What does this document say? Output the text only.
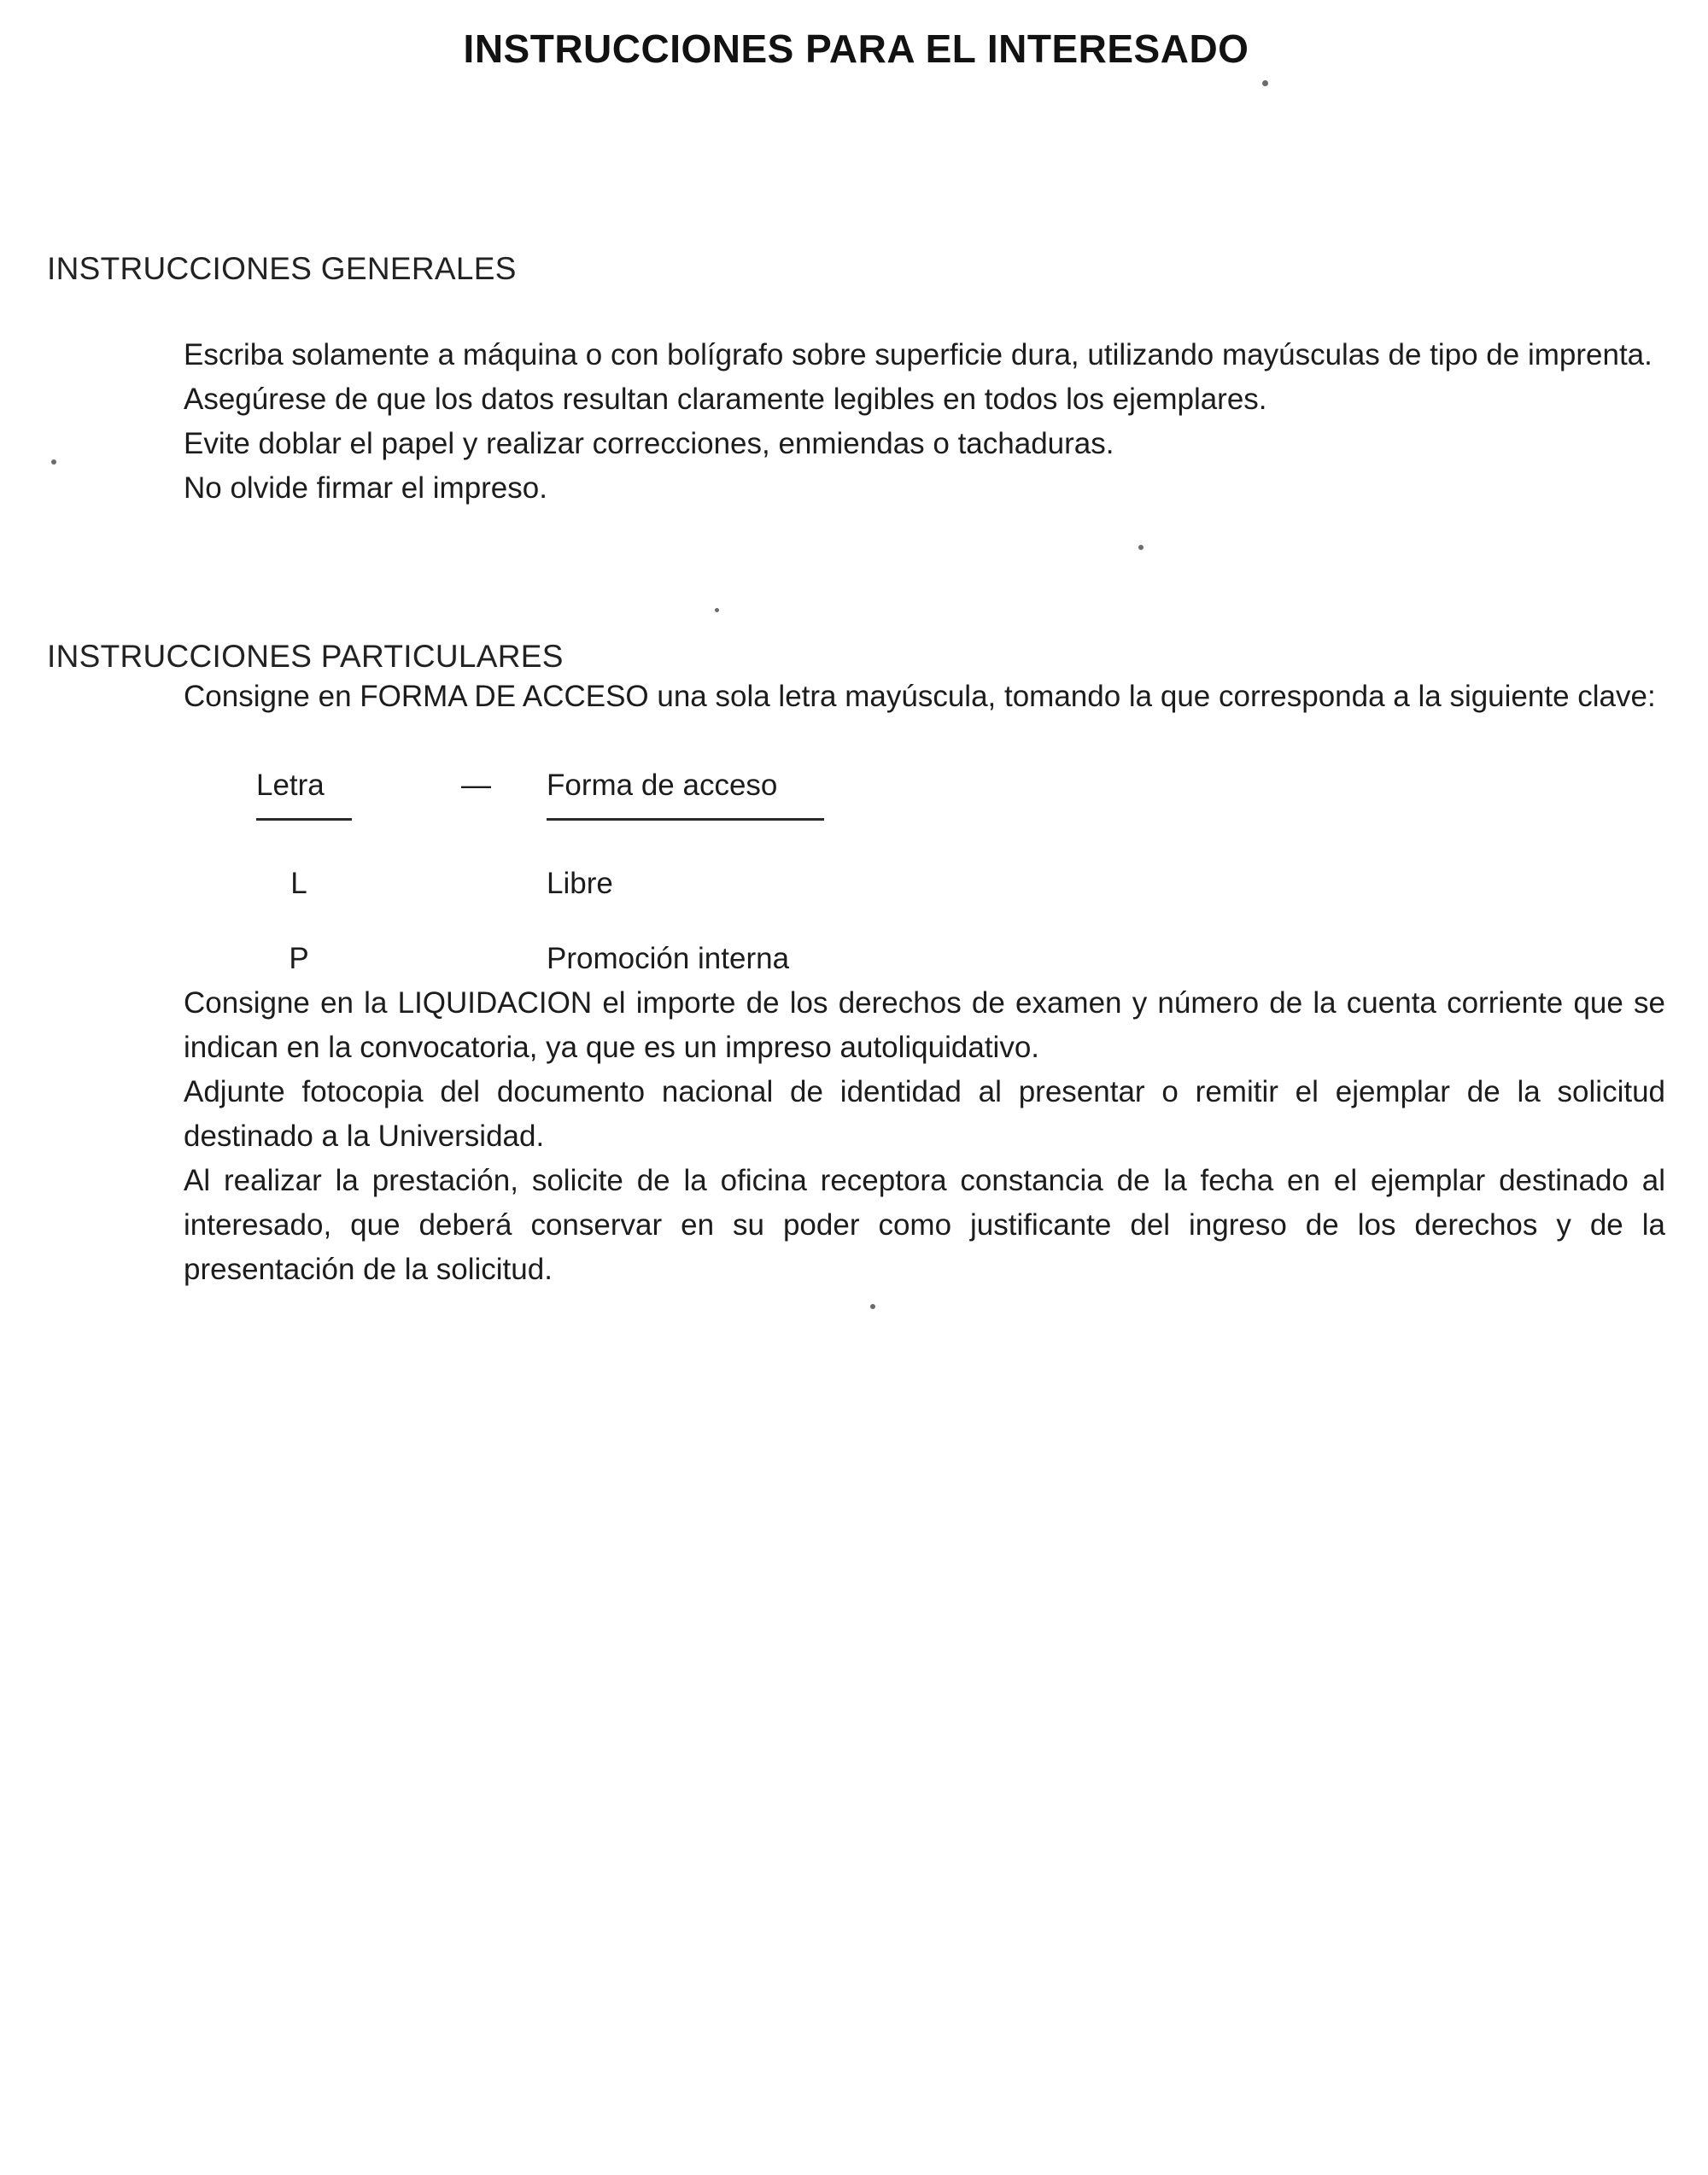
INSTRUCCIONES PARA EL INTERESADO
INSTRUCCIONES GENERALES

Escriba solamente a máquina o con bolígrafo sobre superficie dura, utilizando mayúsculas de tipo de imprenta.

Asegúrese de que los datos resultan claramente legibles en todos los ejemplares.

Evite doblar el papel y realizar correcciones, enmiendas o tachaduras.

No olvide firmar el impreso.

INSTRUCCIONES PARTICULARES

Consigne en FORMA DE ACCESO una sola letra mayúscula, tomando la que corresponda a la siguiente clave:

Letra	—	Forma de acceso
L	Libre
P	Promoción interna

Consigne en la LIQUIDACION el importe de los derechos de examen y número de la cuenta corriente que se indican en la convocatoria, ya que es un impreso autoliquidativo.

Adjunte fotocopia del documento nacional de identidad al presentar o remitir el ejemplar de la solicitud destinado a la Universidad.

Al realizar la prestación, solicite de la oficina receptora constancia de la fecha en el ejemplar destinado al interesado, que deberá conservar en su poder como justificante del ingreso de los derechos y de la presentación de la solicitud.
